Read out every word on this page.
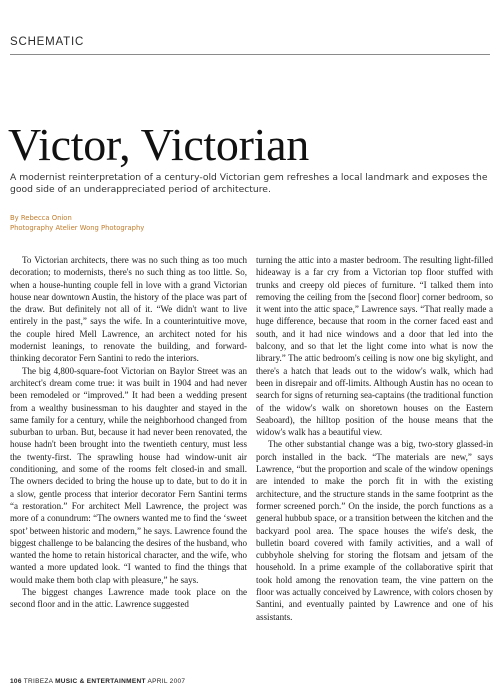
SCHEMATIC
Victor, Victorian

A modernist reinterpretation of a century-old Victorian gem refreshes a local landmark and exposes the good side of an underappreciated period of architecture.

By Rebecca Onion
Photography Atelier Wong Photography

To Victorian architects, there was no such thing as too much decoration; to modernists, there's no such thing as too little. So, when a house-hunting couple fell in love with a grand Victorian house near downtown Austin, the history of the place was part of the draw. But definitely not all of it. “We didn't want to live entirely in the past,” says the wife. In a counterintuitive move, the couple hired Mell Lawrence, an architect noted for his modernist leanings, to renovate the building, and forward-thinking decorator Fern Santini to redo the interiors.

The big 4,800-square-foot Victorian on Baylor Street was an architect's dream come true: it was built in 1904 and had never been remodeled or “improved.” It had been a wedding present from a wealthy businessman to his daughter and stayed in the same family for a century, while the neighborhood changed from suburban to urban. But, because it had never been renovated, the house hadn't been brought into the twentieth century, must less the twenty-first. The sprawling house had window-unit air conditioning, and some of the rooms felt closed-in and small. The owners decided to bring the house up to date, but to do it in a slow, gentle process that interior decorator Fern Santini terms “a restoration.” For architect Mell Lawrence, the project was more of a conundrum: “The owners wanted me to find the ‘sweet spot’ between historic and modern,” he says. Lawrence found the biggest challenge to be balancing the desires of the husband, who wanted the home to retain historical character, and the wife, who wanted a more updated look. “I wanted to find the things that would make them both clap with pleasure,” he says.

The biggest changes Lawrence made took place on the second floor and in the attic. Lawrence suggested

turning the attic into a master bedroom. The resulting light-filled hideaway is a far cry from a Victorian top floor stuffed with trunks and creepy old pieces of furniture. “I talked them into removing the ceiling from the [second floor] corner bedroom, so it went into the attic space,” Lawrence says. “That really made a huge difference, because that room in the corner faced east and south, and it had nice windows and a door that led into the balcony, and so that let the light come into what is now the library.” The attic bedroom's ceiling is now one big skylight, and there's a hatch that leads out to the widow's walk, which had been in disrepair and off-limits. Although Austin has no ocean to search for signs of returning sea-captains (the traditional function of the widow's walk on shoretown houses on the Eastern Seaboard), the hilltop position of the house means that the widow's walk has a beautiful view.

The other substantial change was a big, two-story glassed-in porch installed in the back. “The materials are new,” says Lawrence, “but the proportion and scale of the window openings are intended to make the porch fit in with the existing architecture, and the structure stands in the same footprint as the former screened porch.” On the inside, the porch functions as a general hubbub space, or a transition between the kitchen and the backyard pool area. The space houses the wife's desk, the bulletin board covered with family activities, and a wall of cubbyhole shelving for storing the flotsam and jetsam of the household. In a prime example of the collaborative spirit that took hold among the renovation team, the vine pattern on the floor was actually conceived by Lawrence, with colors chosen by Santini, and eventually painted by Lawrence and one of his assistants.

106 TRIBEZA MUSIC & ENTERTAINMENT APRIL 2007
